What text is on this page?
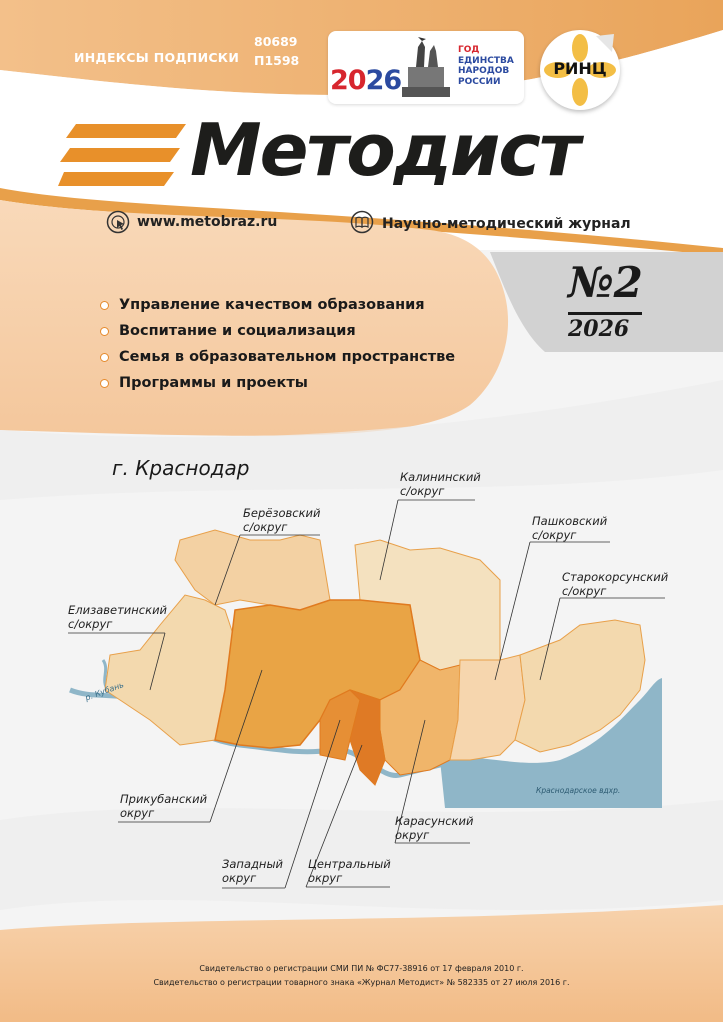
ИНДЕКСЫ ПОДПИСКИ
80689
П1598
2026
ГОД
ЕДИНСТВА
НАРОДОВ
РОССИИ
РИНЦ
Методист
www.metobraz.ru	Научно-методический журнал
Управление качеством образования
Воспитание и социализация
Семья в образовательном пространстве
Программы и проекты
№2
2026
г. Краснодар	Калининский
с/округ
Берёзовский
с/округ	Пашковский
с/округ
Старокорсунский
с/округ
Елизаветинский
с/округ
Прикубанский
округ
Карасунский
округ
Западный
округ
Центральный
округ
р. Кубань
Краснодарское вдхр.
Свидетельство о регистрации СМИ ПИ № ФС77-38916 от 17 февраля 2010 г.
Свидетельство о регистрации товарного знака «Журнал Методист» № 582335 от 27 июля 2016 г.
